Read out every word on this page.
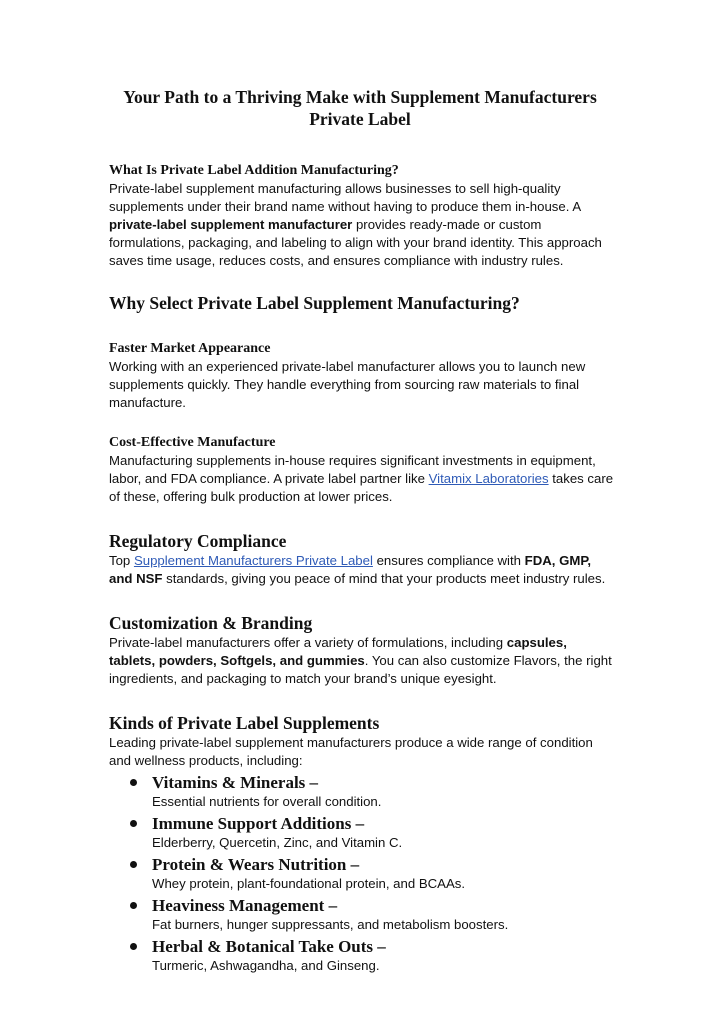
Your Path to a Thriving Make with Supplement Manufacturers
Private Label
What Is Private Label Addition Manufacturing?

Private-label supplement manufacturing allows businesses to sell high-quality supplements under their brand name without having to produce them in-house. A private-label supplement manufacturer provides ready-made or custom formulations, packaging, and labeling to align with your brand identity. This approach saves time usage, reduces costs, and ensures compliance with industry rules.

Why Select Private Label Supplement Manufacturing?
Faster Market Appearance

Working with an experienced private-label manufacturer allows you to launch new supplements quickly. They handle everything from sourcing raw materials to final manufacture.

Cost-Effective Manufacture

Manufacturing supplements in-house requires significant investments in equipment, labor, and FDA compliance. A private label partner like Vitamix Laboratories takes care of these, offering bulk production at lower prices.

Regulatory Compliance

Top Supplement Manufacturers Private Label ensures compliance with FDA, GMP, and NSF standards, giving you peace of mind that your products meet industry rules.

Customization & Branding

Private-label manufacturers offer a variety of formulations, including capsules, tablets, powders, Softgels, and gummies. You can also customize Flavors, the right ingredients, and packaging to match your brand’s unique eyesight.

Kinds of Private Label Supplements

Leading private-label supplement manufacturers produce a wide range of condition and wellness products, including:

Vitamins & Minerals –
Essential nutrients for overall condition.
Immune Support Additions –
Elderberry, Quercetin, Zinc, and Vitamin C.
Protein & Wears Nutrition –
Whey protein, plant-foundational protein, and BCAAs.
Heaviness Management –
Fat burners, hunger suppressants, and metabolism boosters.
Herbal & Botanical Take Outs –
Turmeric, Ashwagandha, and Ginseng.
